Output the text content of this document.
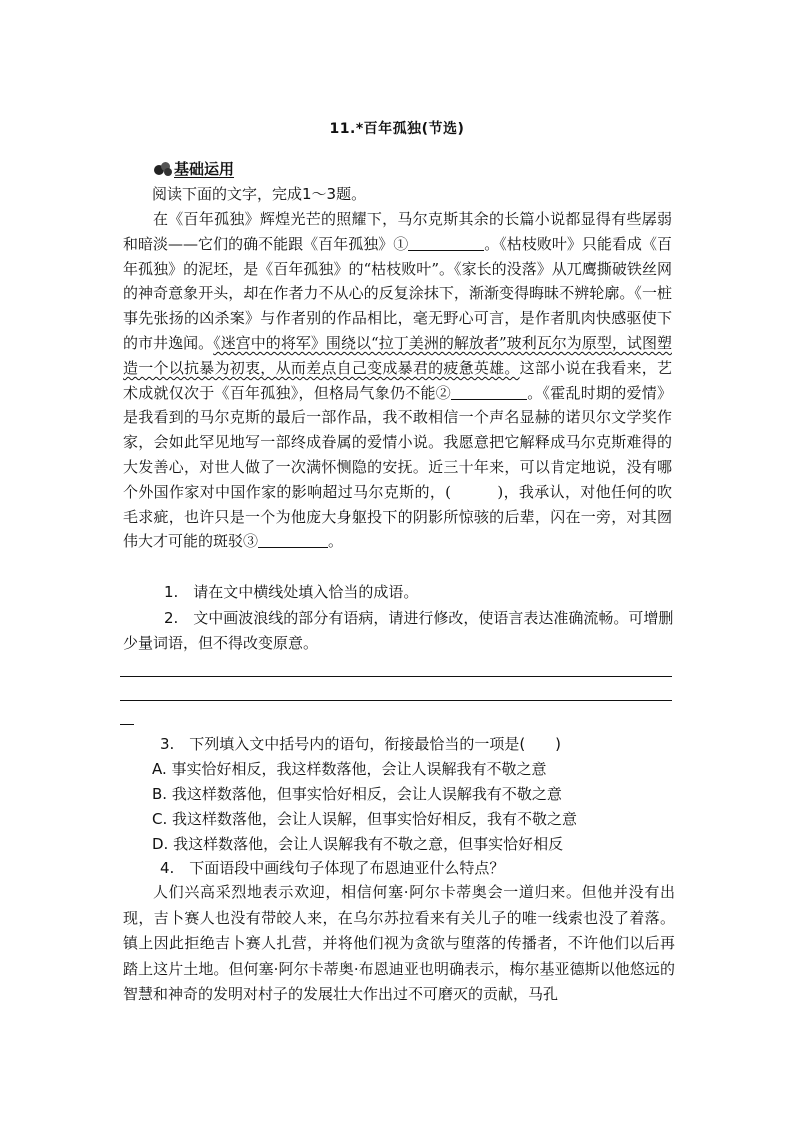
11.*百年孤独(节选)
基础运用
阅读下面的文字，完成1～3题。

在《百年孤独》辉煌光芒的照耀下，马尔克斯其余的长篇小说都显得有些孱弱和暗淡——它们的确不能跟《百年孤独》①	。《枯枝败叶》只能看成《百年孤独》的泥坯，是《百年孤独》的“枯枝败叶”。《家长的没落》从兀鹰撕破铁丝网的神奇意象开头，却在作者力不从心的反复涂抹下，渐渐变得晦昧不辨轮廓。《一桩事先张扬的凶杀案》与作者别的作品相比，毫无野心可言，是作者肌肉快感驱使下的市井逸闻。《迷宫中的将军》围绕以“拉丁美洲的解放者”玻利瓦尔为原型，试图塑造一个以抗暴为初衷，从而差点自己变成暴君的疲惫英雄。这部小说在我看来，艺术成就仅次于《百年孤独》，但格局气象仍不能②	。《霍乱时期的爱情》是我看到的马尔克斯的最后一部作品，我不敢相信一个声名显赫的诺贝尔文学奖作家，会如此罕见地写一部终成眷属的爱情小说。我愿意把它解释成马尔克斯难得的大发善心，对世人做了一次满怀恻隐的安抚。近三十年来，可以肯定地说，没有哪个外国作家对中国作家的影响超过马尔克斯的，(　　　)，我承认，对他任何的吹毛求疵，也许只是一个为他庞大身躯投下的阴影所惊骇的后辈，闪在一旁，对其囫伟大才可能的斑驳③	。

1.　请在文中横线处填入恰当的成语。
2.　文中画波浪线的部分有语病，请进行修改，使语言表达准确流畅。可增删少量词语，但不得改变原意。
3.　下列填入文中括号内的语句，衔接最恰当的一项是(　　)
A. 事实恰好相反，我这样数落他，会让人误解我有不敬之意
B. 我这样数落他，但事实恰好相反，会让人误解我有不敬之意
C. 我这样数落他，会让人误解，但事实恰好相反，我有不敬之意
D. 我这样数落他，会让人误解我有不敬之意，但事实恰好相反
4.　下面语段中画线句子体现了布恩迪亚什么特点？

人们兴高采烈地表示欢迎，相信何塞·阿尔卡蒂奥会一道归来。但他并没有出现，吉卜赛人也没有带皎人来，在乌尔苏拉看来有关儿子的唯一线索也没了着落。镇上因此拒绝吉卜赛人扎营，并将他们视为贪欲与堕落的传播者，不许他们以后再踏上这片土地。但何塞·阿尔卡蒂奥·布恩迪亚也明确表示，梅尔基亚德斯以他悠远的智慧和神奇的发明对村子的发展壮大作出过不可磨灭的贡献，马孔
